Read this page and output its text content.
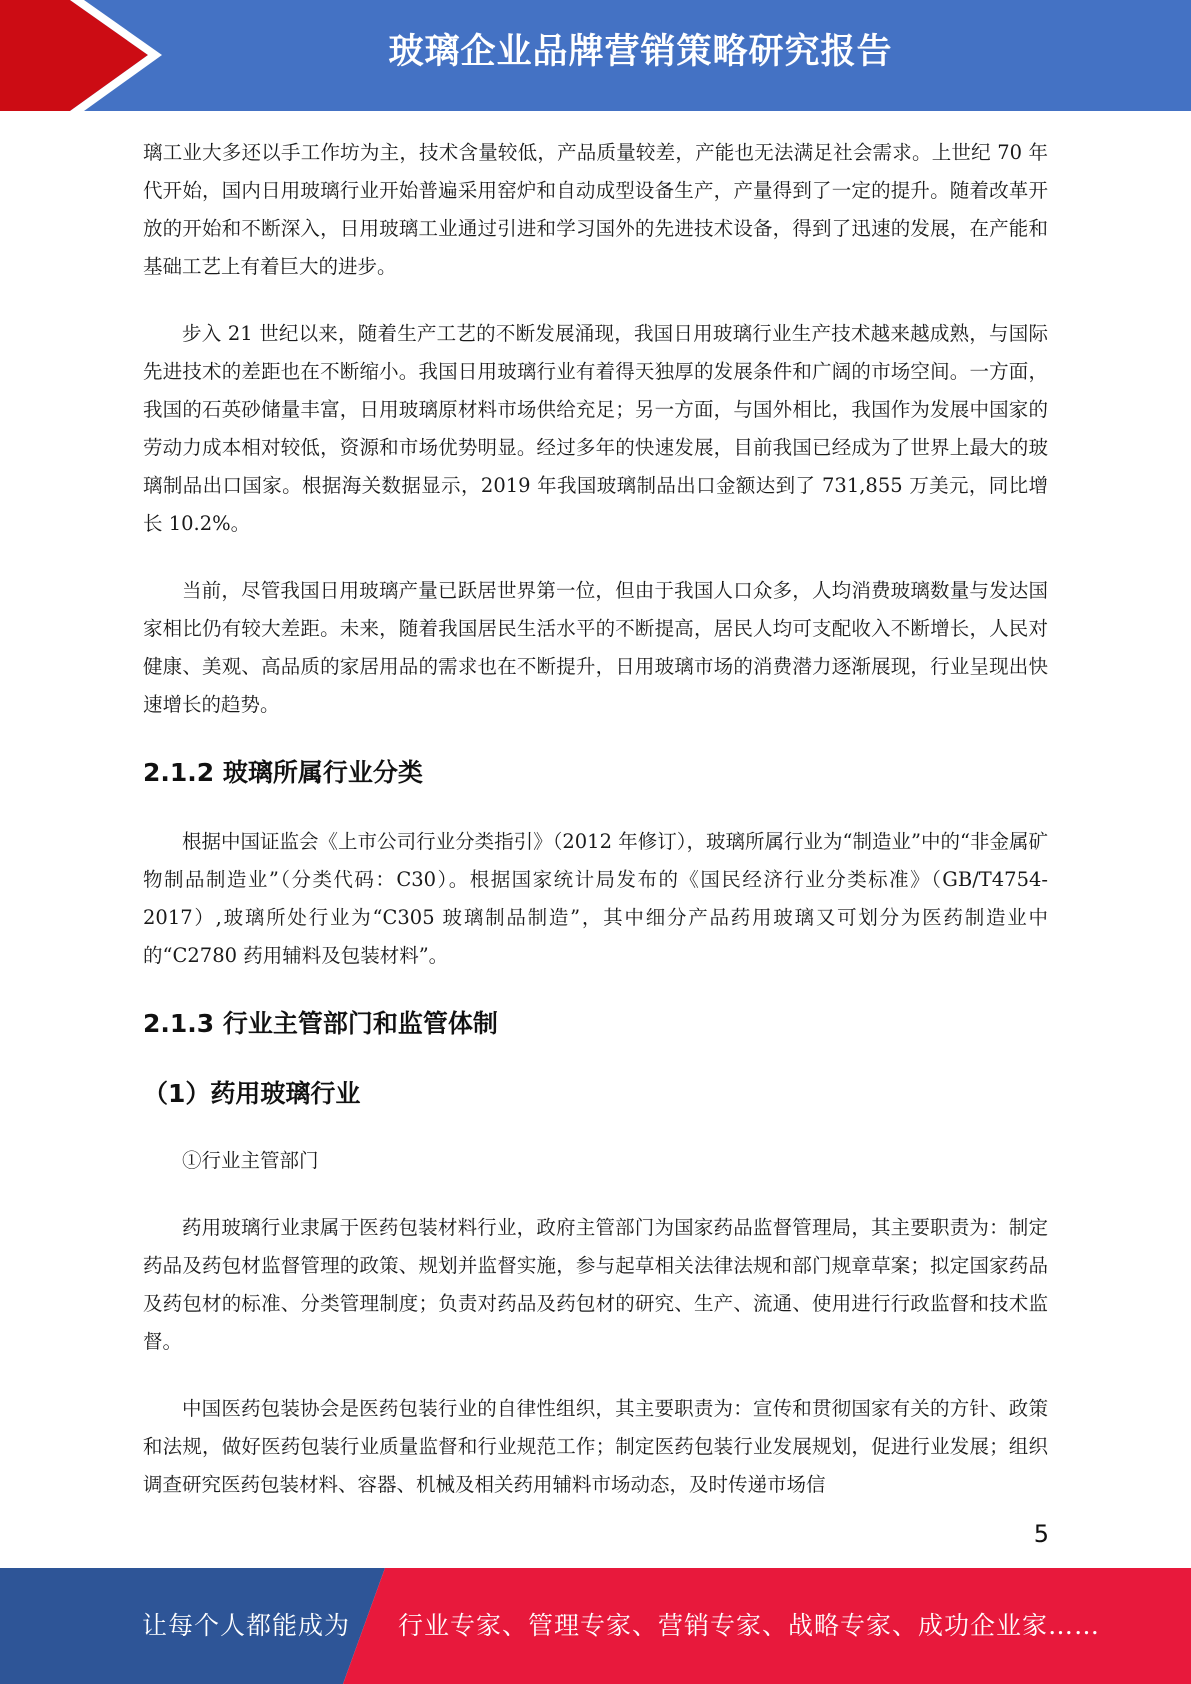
玻璃企业品牌营销策略研究报告

璃工业大多还以手工作坊为主，技术含量较低，产品质量较差，产能也无法满足社会需求。上世纪 70 年代开始，国内日用玻璃行业开始普遍采用窑炉和自动成型设备生产，产量得到了一定的提升。随着改革开放的开始和不断深入，日用玻璃工业通过引进和学习国外的先进技术设备，得到了迅速的发展，在产能和基础工艺上有着巨大的进步。

步入 21 世纪以来，随着生产工艺的不断发展涌现，我国日用玻璃行业生产技术越来越成熟，与国际先进技术的差距也在不断缩小。我国日用玻璃行业有着得天独厚的发展条件和广阔的市场空间。一方面，我国的石英砂储量丰富，日用玻璃原材料市场供给充足；另一方面，与国外相比，我国作为发展中国家的劳动力成本相对较低，资源和市场优势明显。经过多年的快速发展，目前我国已经成为了世界上最大的玻璃制品出口国家。根据海关数据显示，2019 年我国玻璃制品出口金额达到了 731,855 万美元，同比增长 10.2%。

当前，尽管我国日用玻璃产量已跃居世界第一位，但由于我国人口众多，人均消费玻璃数量与发达国家相比仍有较大差距。未来，随着我国居民生活水平的不断提高，居民人均可支配收入不断增长，人民对健康、美观、高品质的家居用品的需求也在不断提升，日用玻璃市场的消费潜力逐渐展现，行业呈现出快速增长的趋势。

2.1.2 玻璃所属行业分类

根据中国证监会《上市公司行业分类指引》（2012 年修订），玻璃所属行业为“制造业”中的“非金属矿物制品制造业”（分类代码：C30）。根据国家统计局发布的《国民经济行业分类标准》（GB/T4754-2017）,玻璃所处行业为“C305 玻璃制品制造”，其中细分产品药用玻璃又可划分为医药制造业中的“C2780 药用辅料及包装材料”。

2.1.3 行业主管部门和监管体制
（1）药用玻璃行业

①行业主管部门

药用玻璃行业隶属于医药包装材料行业，政府主管部门为国家药品监督管理局，其主要职责为：制定药品及药包材监督管理的政策、规划并监督实施，参与起草相关法律法规和部门规章草案；拟定国家药品及药包材的标准、分类管理制度；负责对药品及药包材的研究、生产、流通、使用进行行政监督和技术监督。

中国医药包装协会是医药包装行业的自律性组织，其主要职责为：宣传和贯彻国家有关的方针、政策和法规，做好医药包装行业质量监督和行业规范工作；制定医药包装行业发展规划，促进行业发展；组织调查研究医药包装材料、容器、机械及相关药用辅料市场动态，及时传递市场信

5
让每个人都能成为 行业专家、管理专家、营销专家、战略专家、成功企业家……
